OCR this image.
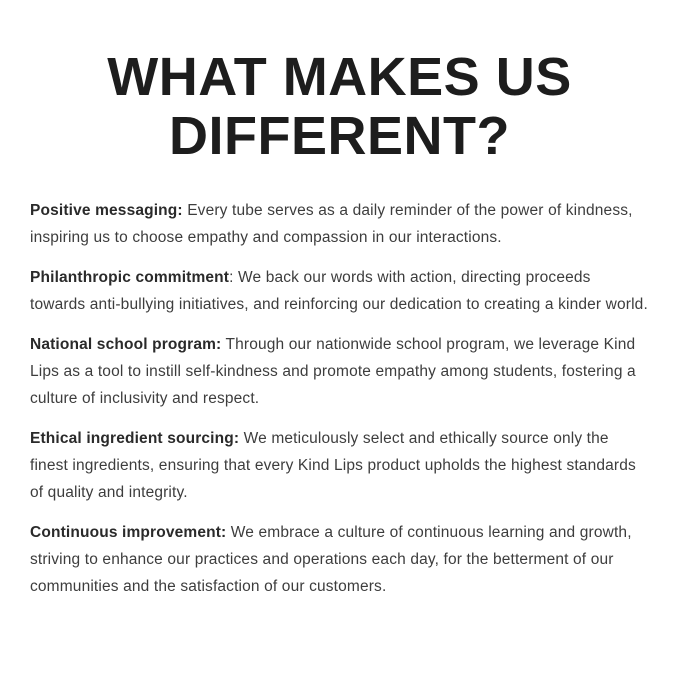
WHAT MAKES US
DIFFERENT?

Positive messaging: Every tube serves as a daily reminder of the power of kindness, inspiring us to choose empathy and compassion in our interactions.

Philanthropic commitment: We back our words with action, directing proceeds towards anti-bullying initiatives, and reinforcing our dedication to creating a kinder world.

National school program: Through our nationwide school program, we leverage Kind Lips as a tool to instill self-kindness and promote empathy among students, fostering a culture of inclusivity and respect.

Ethical ingredient sourcing: We meticulously select and ethically source only the finest ingredients, ensuring that every Kind Lips product upholds the highest standards of quality and integrity.

Continuous improvement: We embrace a culture of continuous learning and growth, striving to enhance our practices and operations each day, for the betterment of our communities and the satisfaction of our customers.
